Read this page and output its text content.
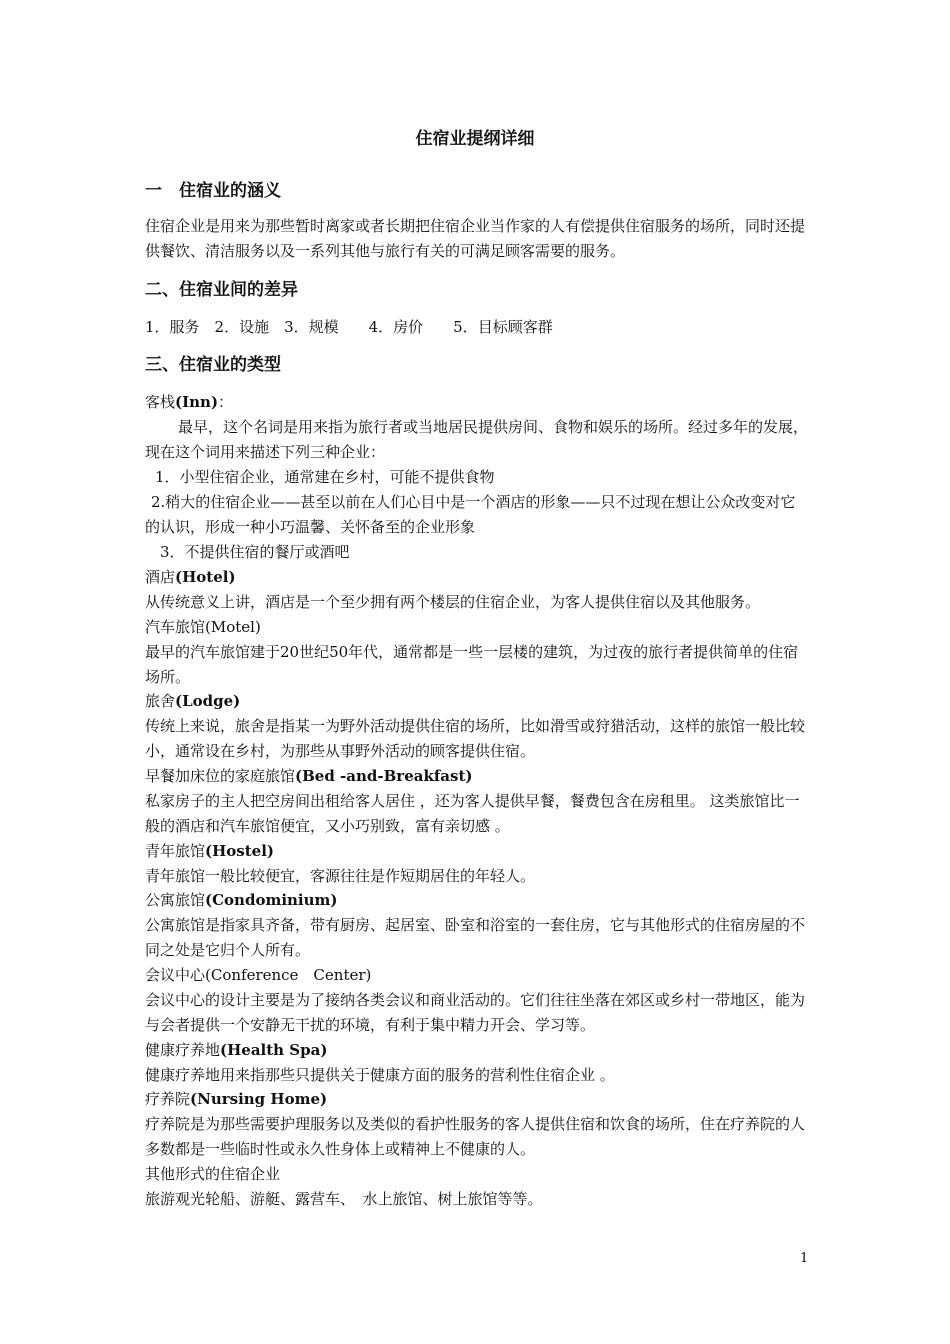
住宿业提纲详细
一　住宿业的涵义
住宿企业是用来为那些暂时离家或者长期把住宿企业当作家的人有偿提供住宿服务的场所，同时还提供餐饮、清洁服务以及一系列其他与旅行有关的可满足顾客需要的服务。
二、住宿业间的差异
1．服务　2．设施　3．规模　　4．房价　　5．目标顾客群
三、住宿业的类型
客栈(Inn)：
最早，这个名词是用来指为旅行者或当地居民提供房间、食物和娱乐的场所。经过多年的发展，现在这个词用来描述下列三种企业：
1．小型住宿企业，通常建在乡村，可能不提供食物
2.稍大的住宿企业——甚至以前在人们心目中是一个酒店的形象——只不过现在想让公众改变对它的认识，形成一种小巧温馨、关怀备至的企业形象
3．不提供住宿的餐厅或酒吧
酒店(Hotel)
从传统意义上讲，酒店是一个至少拥有两个楼层的住宿企业，为客人提供住宿以及其他服务。
汽车旅馆(Motel)
最早的汽车旅馆建于20世纪50年代，通常都是一些一层楼的建筑，为过夜的旅行者提供简单的住宿场所。
旅舍(Lodge)
传统上来说，旅舍是指某一为野外活动提供住宿的场所，比如滑雪或狩猎活动，这样的旅馆一般比较小，通常设在乡村，为那些从事野外活动的顾客提供住宿。
早餐加床位的家庭旅馆(Bed -and-Breakfast)
私家房子的主人把空房间出租给客人居住 ，还为客人提供早餐，餐费包含在房租里。 这类旅馆比一般的酒店和汽车旅馆便宜，又小巧别致，富有亲切感 。
青年旅馆(Hostel)
青年旅馆一般比较便宜，客源往往是作短期居住的年轻人。
公寓旅馆(Condominium)
公寓旅馆是指家具齐备，带有厨房、起居室、卧室和浴室的一套住房，它与其他形式的住宿房屋的不同之处是它归个人所有。
会议中心(Conference　Center)
会议中心的设计主要是为了接纳各类会议和商业活动的。它们往往坐落在郊区或乡村一带地区，能为与会者提供一个安静无干扰的环境，有利于集中精力开会、学习等。
健康疗养地(Health Spa)
健康疗养地用来指那些只提供关于健康方面的服务的营利性住宿企业 。
疗养院(Nursing Home)
疗养院是为那些需要护理服务以及类似的看护性服务的客人提供住宿和饮食的场所，住在疗养院的人多数都是一些临时性或永久性身体上或精神上不健康的人。
其他形式的住宿企业
旅游观光轮船、游艇、露营车、　水上旅馆、树上旅馆等等。
1
